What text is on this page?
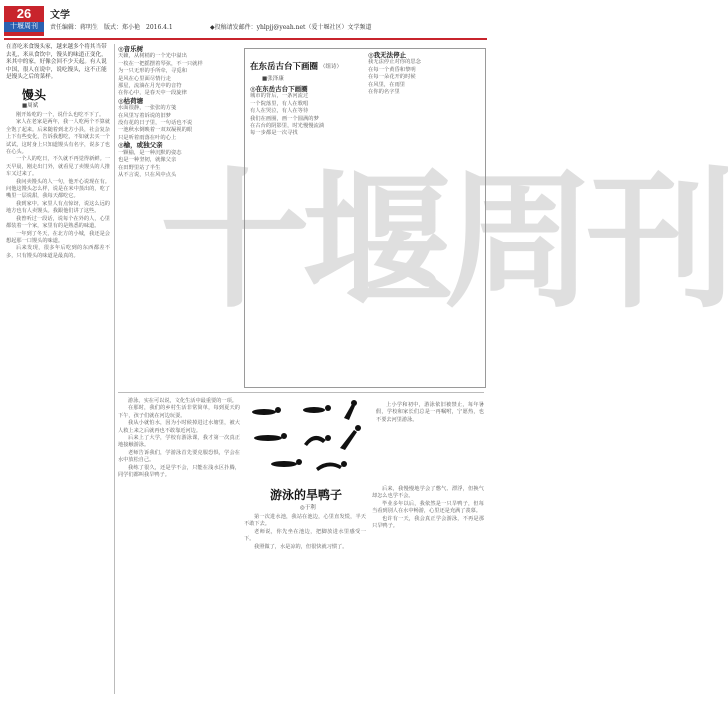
26
十堰周刊
文学
责任编辑：蒋明生　版式：郑小艳　2016.4.1	◆投稿请发邮件：yhlpjj@yeah.net（爱十堰社区）文学频道
在喜吃米食馒头家，越来越多个将其当带去礼，米从食饮中，馒头的味道正变化，米其中的家，好像会回不少天起。有人说中国，很人在说中，说吃馒头，这不正能是馒头之后的菜样。
馒头
■周斌

刚开始吃的一个，说什么也吃不下了。

家人在老家是两年，我一人吃两个不算就全饱了起来。后来随着到北方小县，社会复杂上下有些变化，告诉我想吃，不如就去买一个试试，这时身上只知道馒头有名字，说多了也在心头。

一个人的吃日，不久就不再觉得新鲜。一天早晨，刚走出门外，就看见了卖馒头的人推车又过来了。

我问卖馒头的人一句，他开心说现在有。问他这馒头怎么样，说是在米中蒸出的，吃了嘴里一层说甜，我每天都吃它。

我到家中。家里人有点惊讶，说这么远的地方也有人卖馒头。我跟他们讲了这些。

我曾听过一段话，说每个在外的人，心里都装着一个家，家里有的是熟悉的味道。

一年到了冬天，在北方的小城，我还是会想起那一口馒头的味道。

后来发现，很多年后吃到的东西都差不多，只有馒头的味道是最真的。

◎音乐树
天籁，从树梢的一个光中溢出
一枚在一把摇摆着琴弦，不一只就样
为一只无形的手所牵，寻觅和
是风在心里面尽情行走
那星，流淌在月光中的音符
在你心中，是春天中一段旋律
◎枯荷塘
水面很静，一张张的方笺
在风里写着诉说的旧梦
没有花的日子里，一句话也不说
一池秋水倒映着一双双凝视的眼
只是听着雨落在叶的心上
◎榆，或独父亲
一颗榆，是一种沉默的姿态
也是一种坚韧，就像父亲
在田野里站了半生
从不言说，只在风中点头
在东岳古台下画圈 （组诗）
■张泽康
◎在东岳古台下画圈
城市的背后，一条河流过
一个院落里，有人在歌唱
有人在哭泣，有人在等待
我们在画圈，画一个圆满的梦
在古台的阴影里，时光慢慢流淌
每一步都是一次寻找
◎我无法停止
我无法停止对你的思念
在每一个黄昏和黎明
在每一朵花开的时候
在风里，在雨里
在你的名字里

游泳，实在可以说，文化生活中最重要的一项。

在那时，我们的乡村生活非常简单，每到夏天的下午，孩子们就在河边玩耍。

我从小就怕水，因为小时候掉进过水塘里，被大人救上来之后就再也不敢靠近河边。

后来上了大学，学校有游泳课，我才第一次真正地接触游泳。

老师告诉我们，学游泳首先要克服恐惧，学会在水中放松自己。

我练了很久，还是学不会，只能在浅水区扑腾，同学们都叫我旱鸭子。

上小学和初中，游泳依旧被禁止，每年暑假，学校和家长们总是一再嘱咐，宁愿热，也不要去河里游泳。

游泳的旱鸭子
◎于利

第一次进水池，我站在池边，心里直发慌，半天不敢下去。

老师说，你先坐在池边，把脚放进水里感受一下。

我照做了，水是凉的，但很快就习惯了。

后来，我慢慢地学会了憋气、漂浮，但换气却怎么也学不会。

毕业多年以后，我依然是一只旱鸭子，但每当看到别人在水中畅游，心里还是充满了羡慕。

也许有一天，我会真正学会游泳，不再是那只旱鸭子。

十堰周刊
